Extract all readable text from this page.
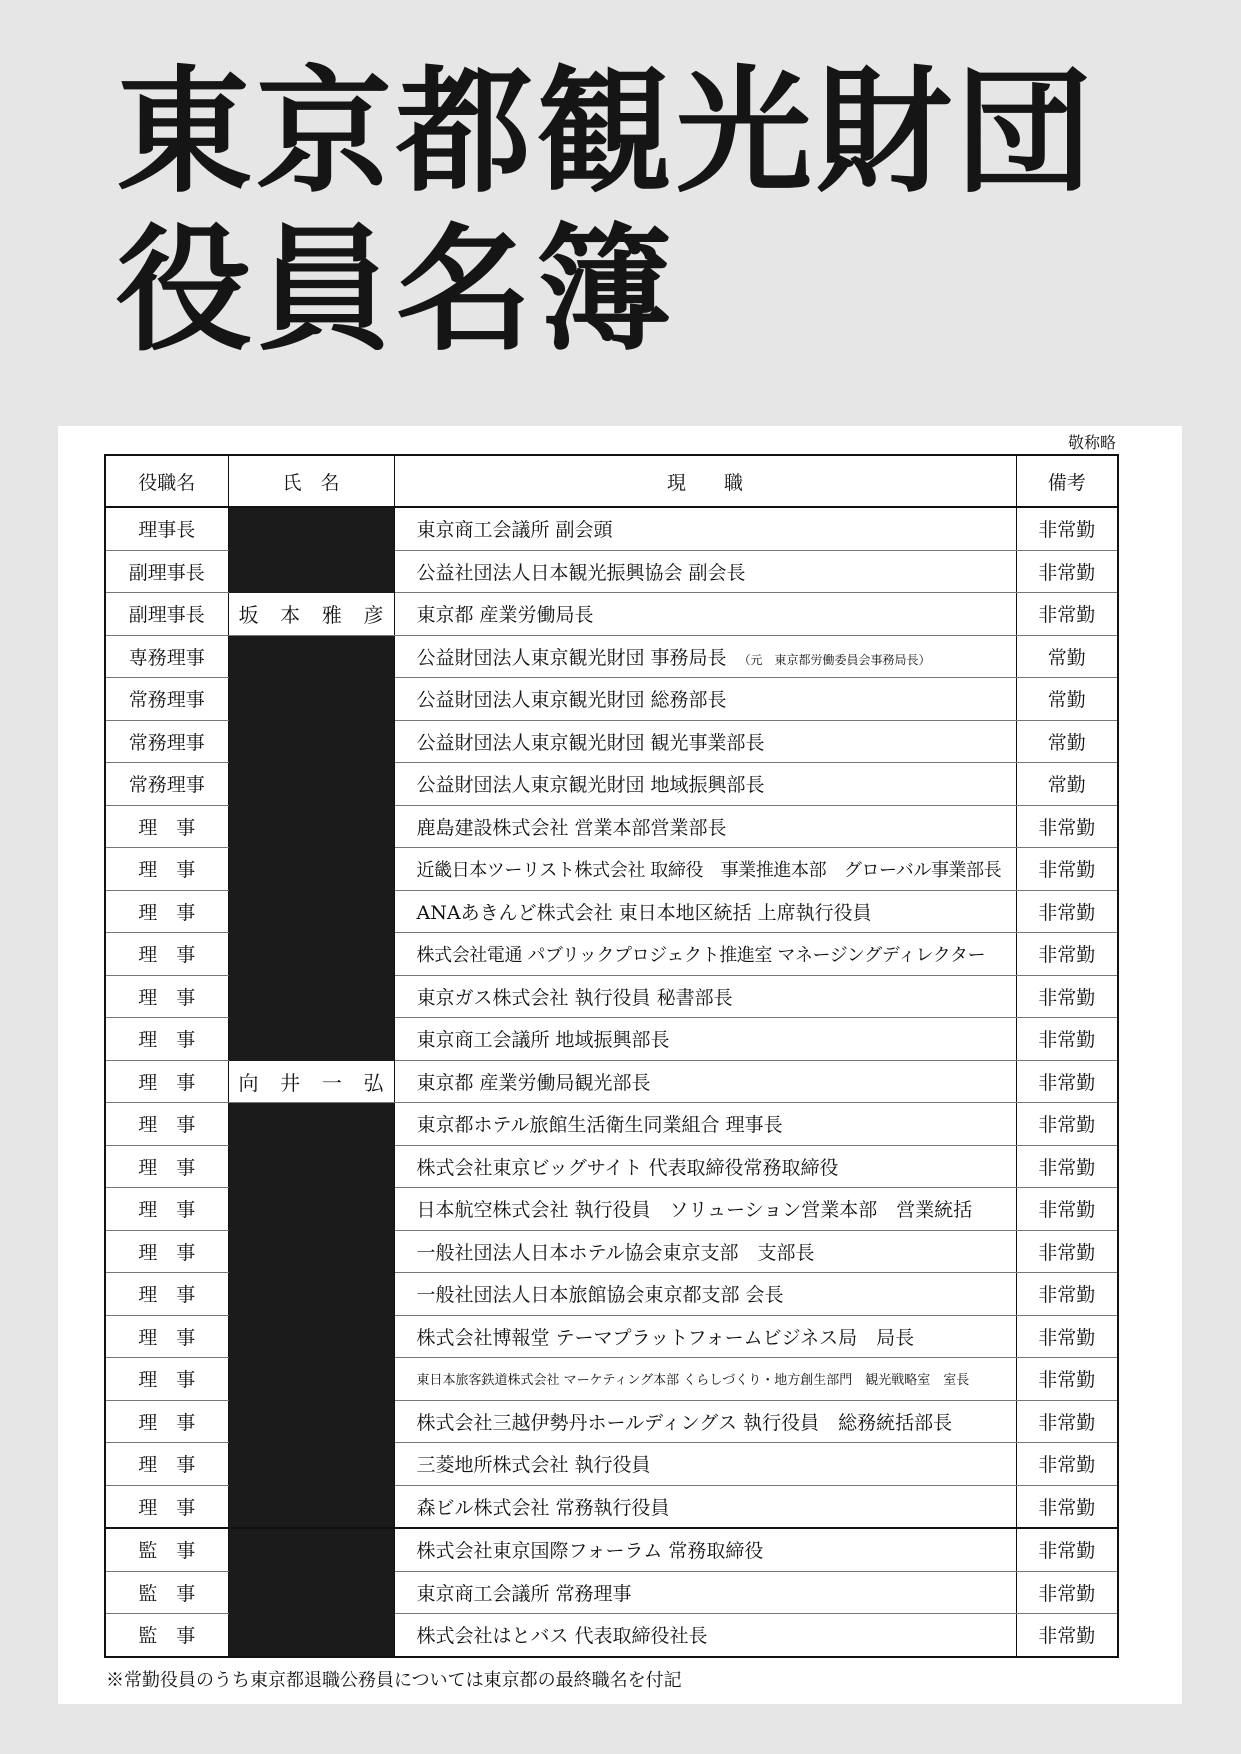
東京都観光財団
役員名簿
敬称略
役職名	氏　名	現　　職	備考
理事長		東京商工会議所 副会頭	非常勤
副理事長		公益社団法人日本観光振興協会 副会長	非常勤
副理事長	坂 本 雅 彦	東京都 産業労働局長	非常勤
専務理事		公益財団法人東京観光財団 事務局長 （元　東京都労働委員会事務局長）	常勤
常務理事		公益財団法人東京観光財団 総務部長	常勤
常務理事		公益財団法人東京観光財団 観光事業部長	常勤
常務理事		公益財団法人東京観光財団 地域振興部長	常勤
理　事		鹿島建設株式会社 営業本部営業部長	非常勤
理　事		近畿日本ツーリスト株式会社 取締役　事業推進本部　グローバル事業部長	非常勤
理　事		ANAあきんど株式会社 東日本地区統括 上席執行役員	非常勤
理　事		株式会社電通 パブリックプロジェクト推進室 マネージングディレクター	非常勤
理　事		東京ガス株式会社 執行役員 秘書部長	非常勤
理　事		東京商工会議所 地域振興部長	非常勤
理　事	向 井 一 弘	東京都 産業労働局観光部長	非常勤
理　事		東京都ホテル旅館生活衛生同業組合 理事長	非常勤
理　事		株式会社東京ビッグサイト 代表取締役常務取締役	非常勤
理　事		日本航空株式会社 執行役員　ソリューション営業本部　営業統括	非常勤
理　事		一般社団法人日本ホテル協会東京支部　支部長	非常勤
理　事		一般社団法人日本旅館協会東京都支部 会長	非常勤
理　事		株式会社博報堂 テーマプラットフォームビジネス局　局長	非常勤
理　事		東日本旅客鉄道株式会社 マーケティング本部 くらしづくり・地方創生部門　観光戦略室　室長	非常勤
理　事		株式会社三越伊勢丹ホールディングス 執行役員　総務統括部長	非常勤
理　事		三菱地所株式会社 執行役員	非常勤
理　事		森ビル株式会社 常務執行役員	非常勤
監　事		株式会社東京国際フォーラム 常務取締役	非常勤
監　事		東京商工会議所 常務理事	非常勤
監　事		株式会社はとバス 代表取締役社長	非常勤
※常勤役員のうち東京都退職公務員については東京都の最終職名を付記
